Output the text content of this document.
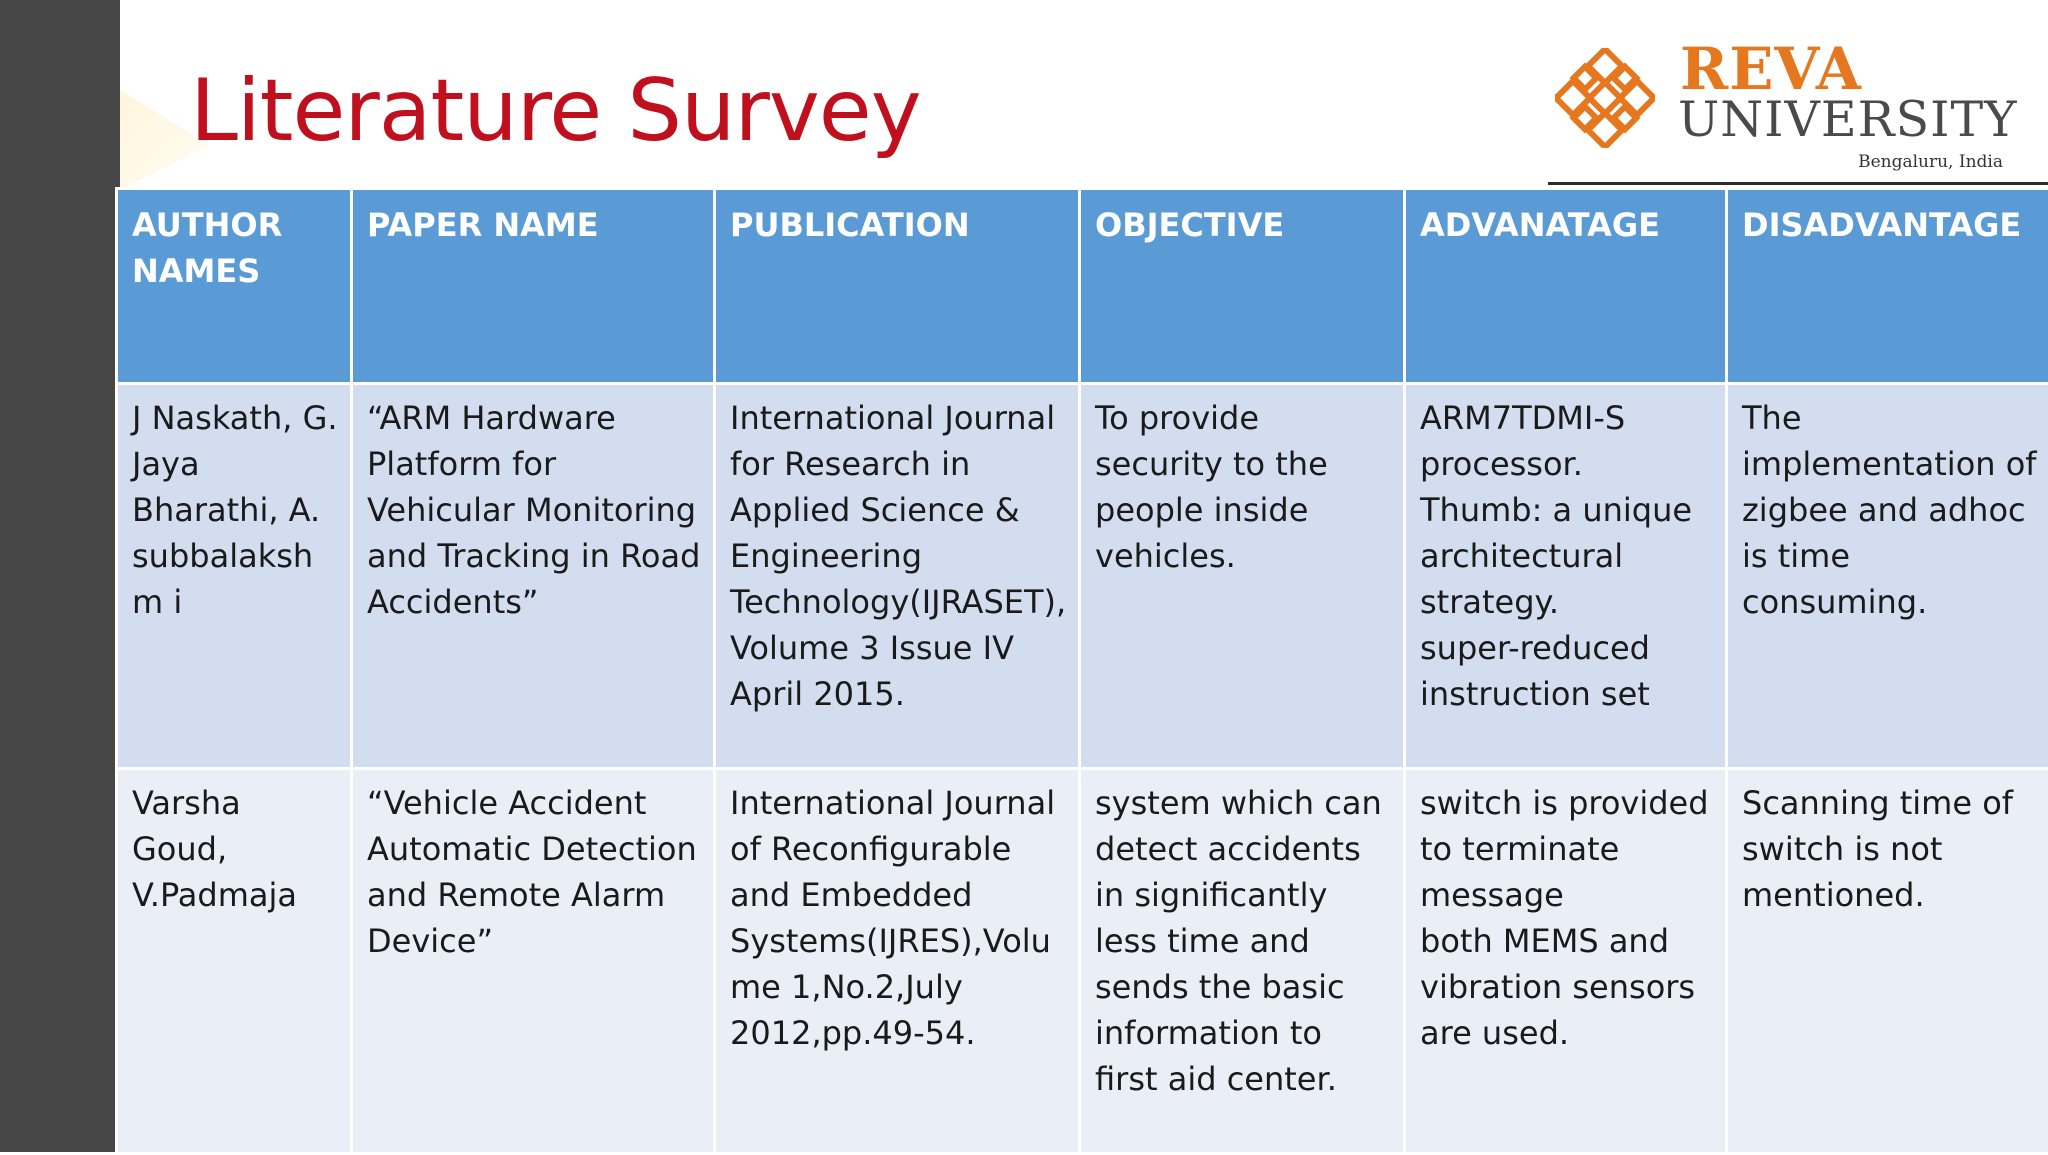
Literature Survey	REVA
UNIVERSITY
Bengaluru, India
AUTHOR NAMES	PAPER NAME	PUBLICATION	OBJECTIVE	ADVANATAGE	DISADVANTAGE

J Naskath, G. Jaya Bharathi, A. subbalakshm i	“ARM Hardware Platform for Vehicular Monitoring and Tracking in Road Accidents”	International Journal for Research in Applied Science & Engineering Technology(IJRASET), Volume 3 Issue IV April 2015.	To provide security to the people inside vehicles.	ARM7TDMI-S processor.
Thumb: a unique architectural strategy.
super-reduced instruction set	The implementation of zigbee and adhoc is time consuming.

Varsha Goud, V.Padmaja	“Vehicle Accident Automatic Detection and Remote Alarm Device”	International Journal of Reconfigurable and Embedded Systems(IJRES),Volu me 1,No.2,July 2012,pp.49-54.	system which can detect accidents in significantly less time and sends the basic information to first aid center.	switch is provided to terminate message
both MEMS and vibration sensors are used.	Scanning time of switch is not mentioned.
